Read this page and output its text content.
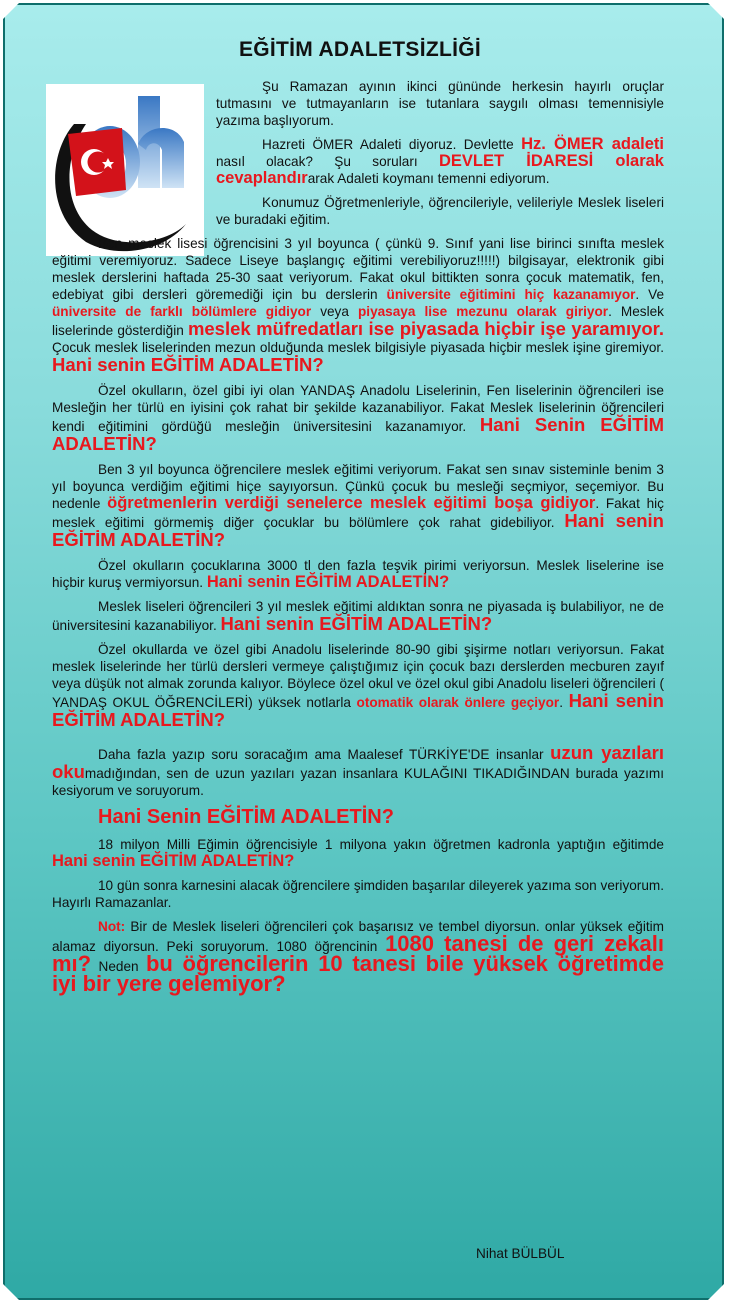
EĞİTİM ADALETSİZLİĞİ

Şu Ramazan ayının ikinci gününde herkesin hayırlı oruçlar tutmasını ve tutmayanların ise tutanlara saygılı olması temennisiyle yazıma başlıyorum.

Hazreti ÖMER Adaleti diyoruz. Devlette Hz. ÖMER adaleti nasıl olacak? Şu soruları DEVLET İDARESİ olarak cevaplandırarak Adaleti koymanı temenni ediyorum.

Konumuz Öğretmenleriyle, öğrencileriyle, velileriyle Meslek liseleri ve buradaki eğitim.

Ben meslek lisesi öğrencisini 3 yıl boyunca ( çünkü 9. Sınıf yani lise birinci sınıfta meslek eğitimi veremiyoruz. Sadece Liseye başlangıç eğitimi verebiliyoruz!!!!!) bilgisayar, elektronik gibi meslek derslerini haftada 25-30 saat veriyorum. Fakat okul bittikten sonra çocuk matematik, fen, edebiyat gibi dersleri göremediği için bu derslerin üniversite eğitimini hiç kazanamıyor. Ve üniversite de farklı bölümlere gidiyor veya piyasaya lise mezunu olarak giriyor. Meslek liselerinde gösterdiğin meslek müfredatları ise piyasada hiçbir işe yaramıyor. Çocuk meslek liselerinden mezun olduğunda meslek bilgisiyle piyasada hiçbir meslek işine giremiyor. Hani senin EĞİTİM ADALETİN?

Özel okulların, özel gibi iyi olan YANDAŞ Anadolu Liselerinin, Fen liselerinin öğrencileri ise Mesleğin her türlü en iyisini çok rahat bir şekilde kazanabiliyor. Fakat Meslek liselerinin öğrencileri kendi eğitimini gördüğü mesleğin üniversitesini kazanamıyor. Hani Senin EĞİTİM ADALETİN?

Ben 3 yıl boyunca öğrencilere meslek eğitimi veriyorum. Fakat sen sınav sisteminle benim 3 yıl boyunca verdiğim eğitimi hiçe sayıyorsun. Çünkü çocuk bu mesleği seçmiyor, seçemiyor. Bu nedenle öğretmenlerin verdiği senelerce meslek eğitimi boşa gidiyor. Fakat hiç meslek eğitimi görmemiş diğer çocuklar bu bölümlere çok rahat gidebiliyor. Hani senin EĞİTİM ADALETİN?

Özel okulların çocuklarına 3000 tl den fazla teşvik pirimi veriyorsun. Meslek liselerine ise hiçbir kuruş vermiyorsun. Hani senin EĞİTİM ADALETİN?

Meslek liseleri öğrencileri 3 yıl meslek eğitimi aldıktan sonra ne piyasada iş bulabiliyor, ne de üniversitesini kazanabiliyor. Hani senin EĞİTİM ADALETİN?

Özel okullarda ve özel gibi Anadolu liselerinde 80-90 gibi şişirme notları veriyorsun. Fakat meslek liselerinde her türlü dersleri vermeye çalıştığımız için çocuk bazı derslerden mecburen zayıf veya düşük not almak zorunda kalıyor. Böylece özel okul ve özel okul gibi Anadolu liseleri öğrencileri ( YANDAŞ OKUL ÖĞRENCİLERİ) yüksek notlarla otomatik olarak önlere geçiyor. Hani senin EĞİTİM ADALETİN?

Daha fazla yazıp soru soracağım ama Maalesef TÜRKİYE'DE insanlar uzun yazıları okumadığından, sen de uzun yazıları yazan insanlara KULAĞINI TIKADIĞINDAN burada yazımı kesiyorum ve soruyorum.

Hani Senin EĞİTİM ADALETİN?

18 milyon Milli Eğimin öğrencisiyle 1 milyona yakın öğretmen kadronla yaptığın eğitimde Hani senin EĞİTİM ADALETİN?

10 gün sonra karnesini alacak öğrencilere şimdiden başarılar dileyerek yazıma son veriyorum. Hayırlı Ramazanlar.

Not: Bir de Meslek liseleri öğrencileri çok başarısız ve tembel diyorsun. onlar yüksek eğitim alamaz diyorsun. Peki soruyorum. 1080 öğrencinin 1080 tanesi de geri zekalı mı? Neden bu öğrencilerin 10 tanesi bile yüksek öğretimde iyi bir yere gelemiyor?

Nihat BÜLBÜL
